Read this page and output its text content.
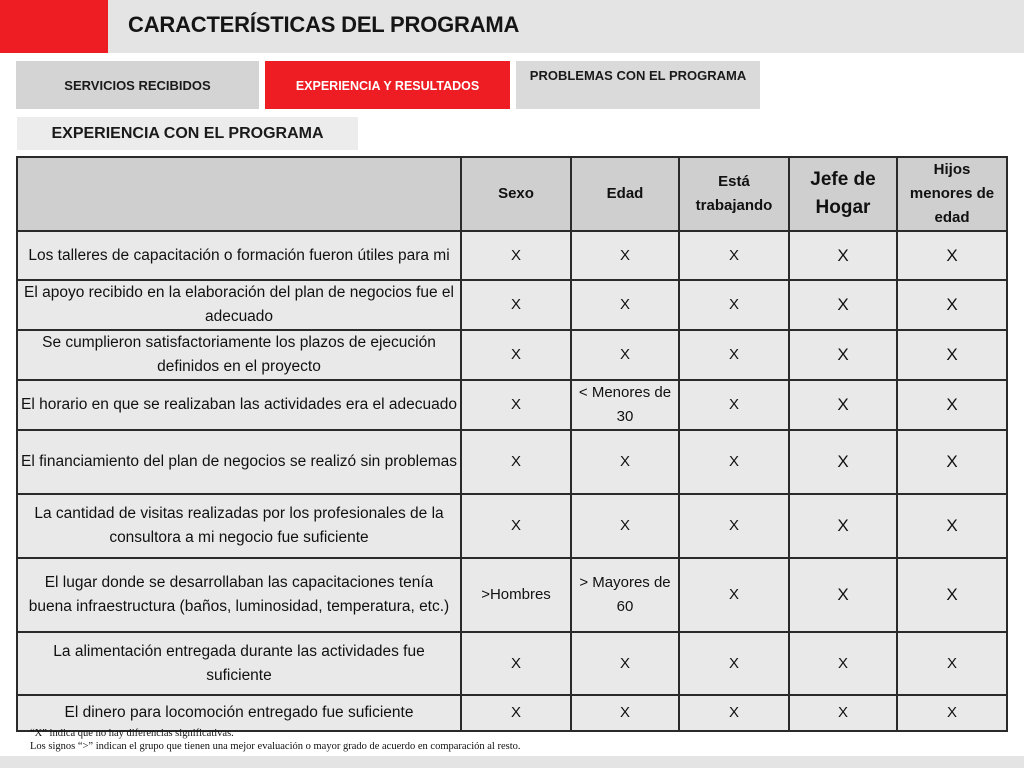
CARACTERÍSTICAS DEL PROGRAMA
SERVICIOS RECIBIDOS	EXPERIENCIA Y RESULTADOS
PROBLEMAS CON EL PROGRAMA
EXPERIENCIA CON EL PROGRAMA
	Sexo	Edad	Está trabajando	Jefe de Hogar	Hijos menores de edad
Los talleres de capacitación o formación fueron útiles para mi	X	X	X	X	X
El apoyo recibido en la elaboración del plan de negocios fue el adecuado	X	X	X	X	X
Se cumplieron satisfactoriamente los plazos de ejecución definidos en el proyecto	X	X	X	X	X
El horario en que se realizaban las actividades era el adecuado	X	< Menores de 30	X	X	X
El financiamiento del plan de negocios se realizó sin problemas	X	X	X	X	X
La cantidad de visitas realizadas por los profesionales de la consultora a mi negocio fue suficiente	X	X	X	X	X
El lugar donde se desarrollaban las capacitaciones tenía buena infraestructura (baños, luminosidad, temperatura, etc.)	>Hombres	> Mayores de 60	X	X	X
La alimentación entregada durante las actividades fue suficiente	X	X	X	X	X
El dinero para locomoción entregado fue suficiente	X	X	X	X	X
“X” indica que no hay diferencias significativas.
Los signos “>” indican el grupo que tienen una mejor evaluación o mayor grado de acuerdo en comparación al resto.
